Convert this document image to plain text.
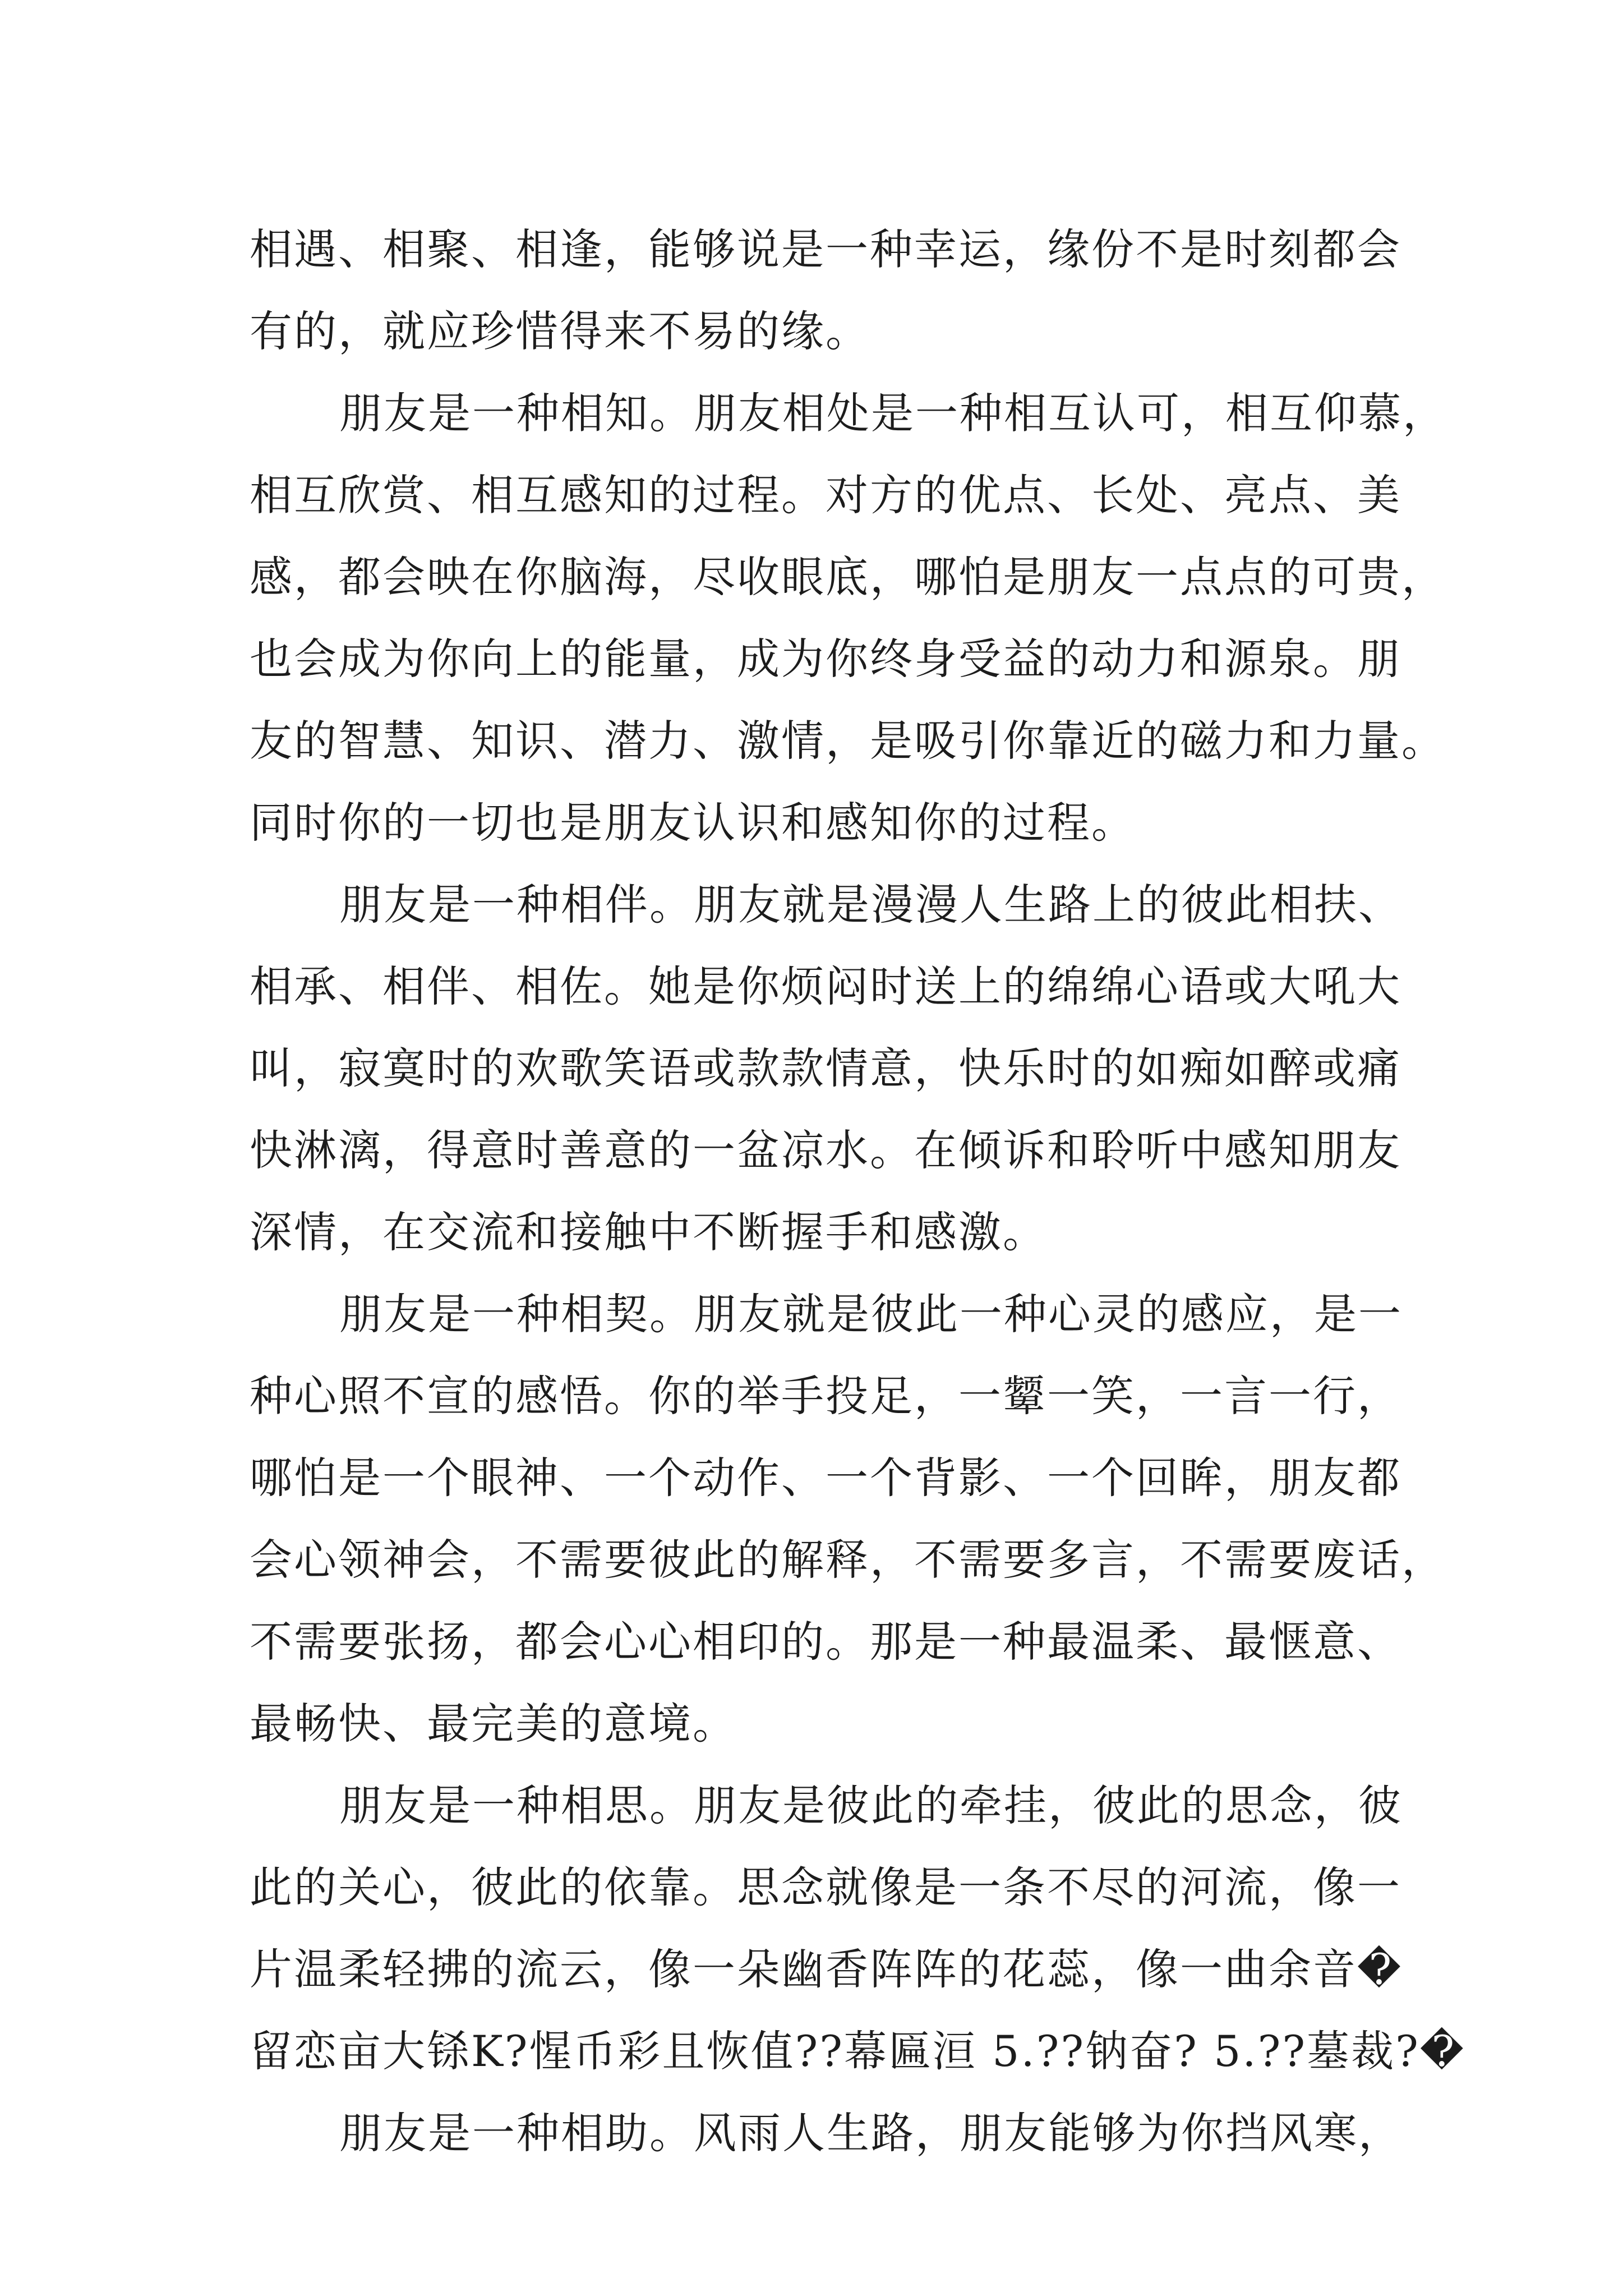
相遇、相聚、相逢，能够说是一种幸运，缘份不是时刻都会
有的，就应珍惜得来不易的缘。
朋友是一种相知。朋友相处是一种相互认可，相互仰慕，
相互欣赏、相互感知的过程。对方的优点、长处、亮点、美
感，都会映在你脑海，尽收眼底，哪怕是朋友一点点的可贵，
也会成为你向上的能量，成为你终身受益的动力和源泉。朋
友的智慧、知识、潜力、激情，是吸引你靠近的磁力和力量。
同时你的一切也是朋友认识和感知你的过程。
朋友是一种相伴。朋友就是漫漫人生路上的彼此相扶、
相承、相伴、相佐。她是你烦闷时送上的绵绵心语或大吼大
叫，寂寞时的欢歌笑语或款款情意，快乐时的如痴如醉或痛
快淋漓，得意时善意的一盆凉水。在倾诉和聆听中感知朋友
深情，在交流和接触中不断握手和感激。
朋友是一种相契。朋友就是彼此一种心灵的感应，是一
种心照不宣的感悟。你的举手投足，一颦一笑，一言一行，
哪怕是一个眼神、一个动作、一个背影、一个回眸，朋友都
会心领神会，不需要彼此的解释，不需要多言，不需要废话，
不需要张扬，都会心心相印的。那是一种最温柔、最惬意、
最畅快、最完美的意境。
朋友是一种相思。朋友是彼此的牵挂，彼此的思念，彼
此的关心，彼此的依靠。思念就像是一条不尽的河流，像一
片温柔轻拂的流云，像一朵幽香阵阵的花蕊，像一曲余音�
留恋亩大铩K?惺币彩且恢值??幕匾洹 5.??钠奋? 5.??墓裁?�
朋友是一种相助。风雨人生路，朋友能够为你挡风寒，
